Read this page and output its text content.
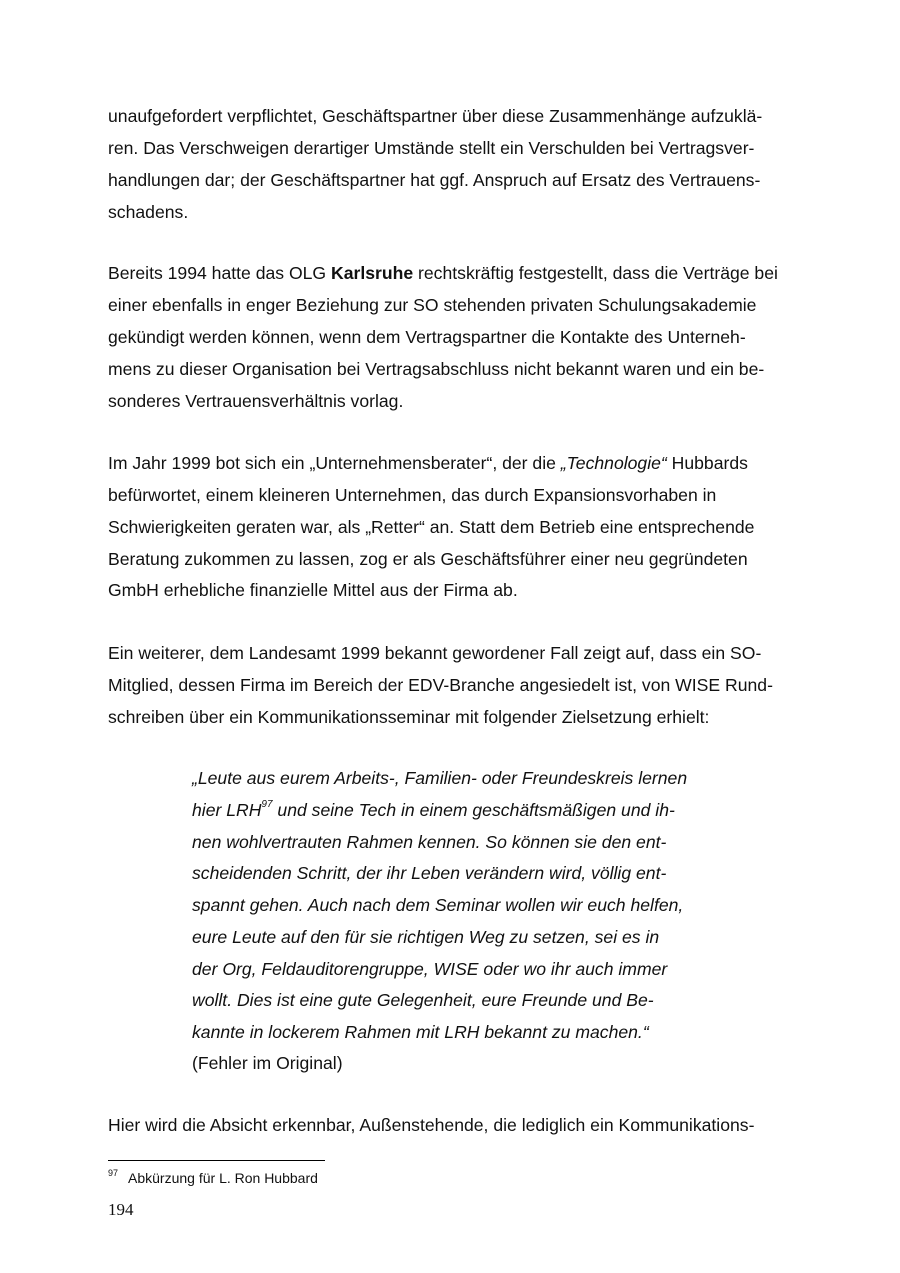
unaufgefordert verpflichtet, Geschäftspartner über diese Zusammenhänge aufzuklä-
ren. Das Verschweigen derartiger Umstände stellt ein Verschulden bei Vertragsver-
handlungen dar; der Geschäftspartner hat ggf. Anspruch auf Ersatz des Vertrauens-
schadens.
Bereits 1994 hatte das OLG Karlsruhe rechtskräftig festgestellt, dass die Verträge bei
einer ebenfalls in enger Beziehung zur SO stehenden privaten Schulungsakademie
gekündigt werden können, wenn dem Vertragspartner die Kontakte des Unterneh-
mens zu dieser Organisation bei Vertragsabschluss nicht bekannt waren und ein be-
sonderes Vertrauensverhältnis vorlag.
Im Jahr 1999 bot sich ein „Unternehmensberater“, der die „Technologie“ Hubbards
befürwortet, einem kleineren Unternehmen, das durch Expansionsvorhaben in
Schwierigkeiten geraten war, als „Retter“ an. Statt dem Betrieb eine entsprechende
Beratung zukommen zu lassen, zog er als Geschäftsführer einer neu gegründeten
GmbH erhebliche finanzielle Mittel aus der Firma ab.
Ein weiterer, dem Landesamt 1999 bekannt gewordener Fall zeigt auf, dass ein SO-
Mitglied, dessen Firma im Bereich der EDV-Branche angesiedelt ist, von WISE Rund-
schreiben über ein Kommunikationsseminar mit folgender Zielsetzung erhielt:
„Leute aus eurem Arbeits-, Familien- oder Freundeskreis lernen
hier LRH$^{97}$ und seine Tech in einem geschäftsmäßigen und ih-
nen wohlvertrauten Rahmen kennen. So können sie den ent-
scheidenden Schritt, der ihr Leben verändern wird, völlig ent-
spannt gehen. Auch nach dem Seminar wollen wir euch helfen,
eure Leute auf den für sie richtigen Weg zu setzen, sei es in
der Org, Feldauditorengruppe, WISE oder wo ihr auch immer
wollt. Dies ist eine gute Gelegenheit, eure Freunde und Be-
kannte in lockerem Rahmen mit LRH bekannt zu machen.“
(Fehler im Original)
Hier wird die Absicht erkennbar, Außenstehende, die lediglich ein Kommunikations-
$^{97}$ Abkürzung für L. Ron Hubbard
194
